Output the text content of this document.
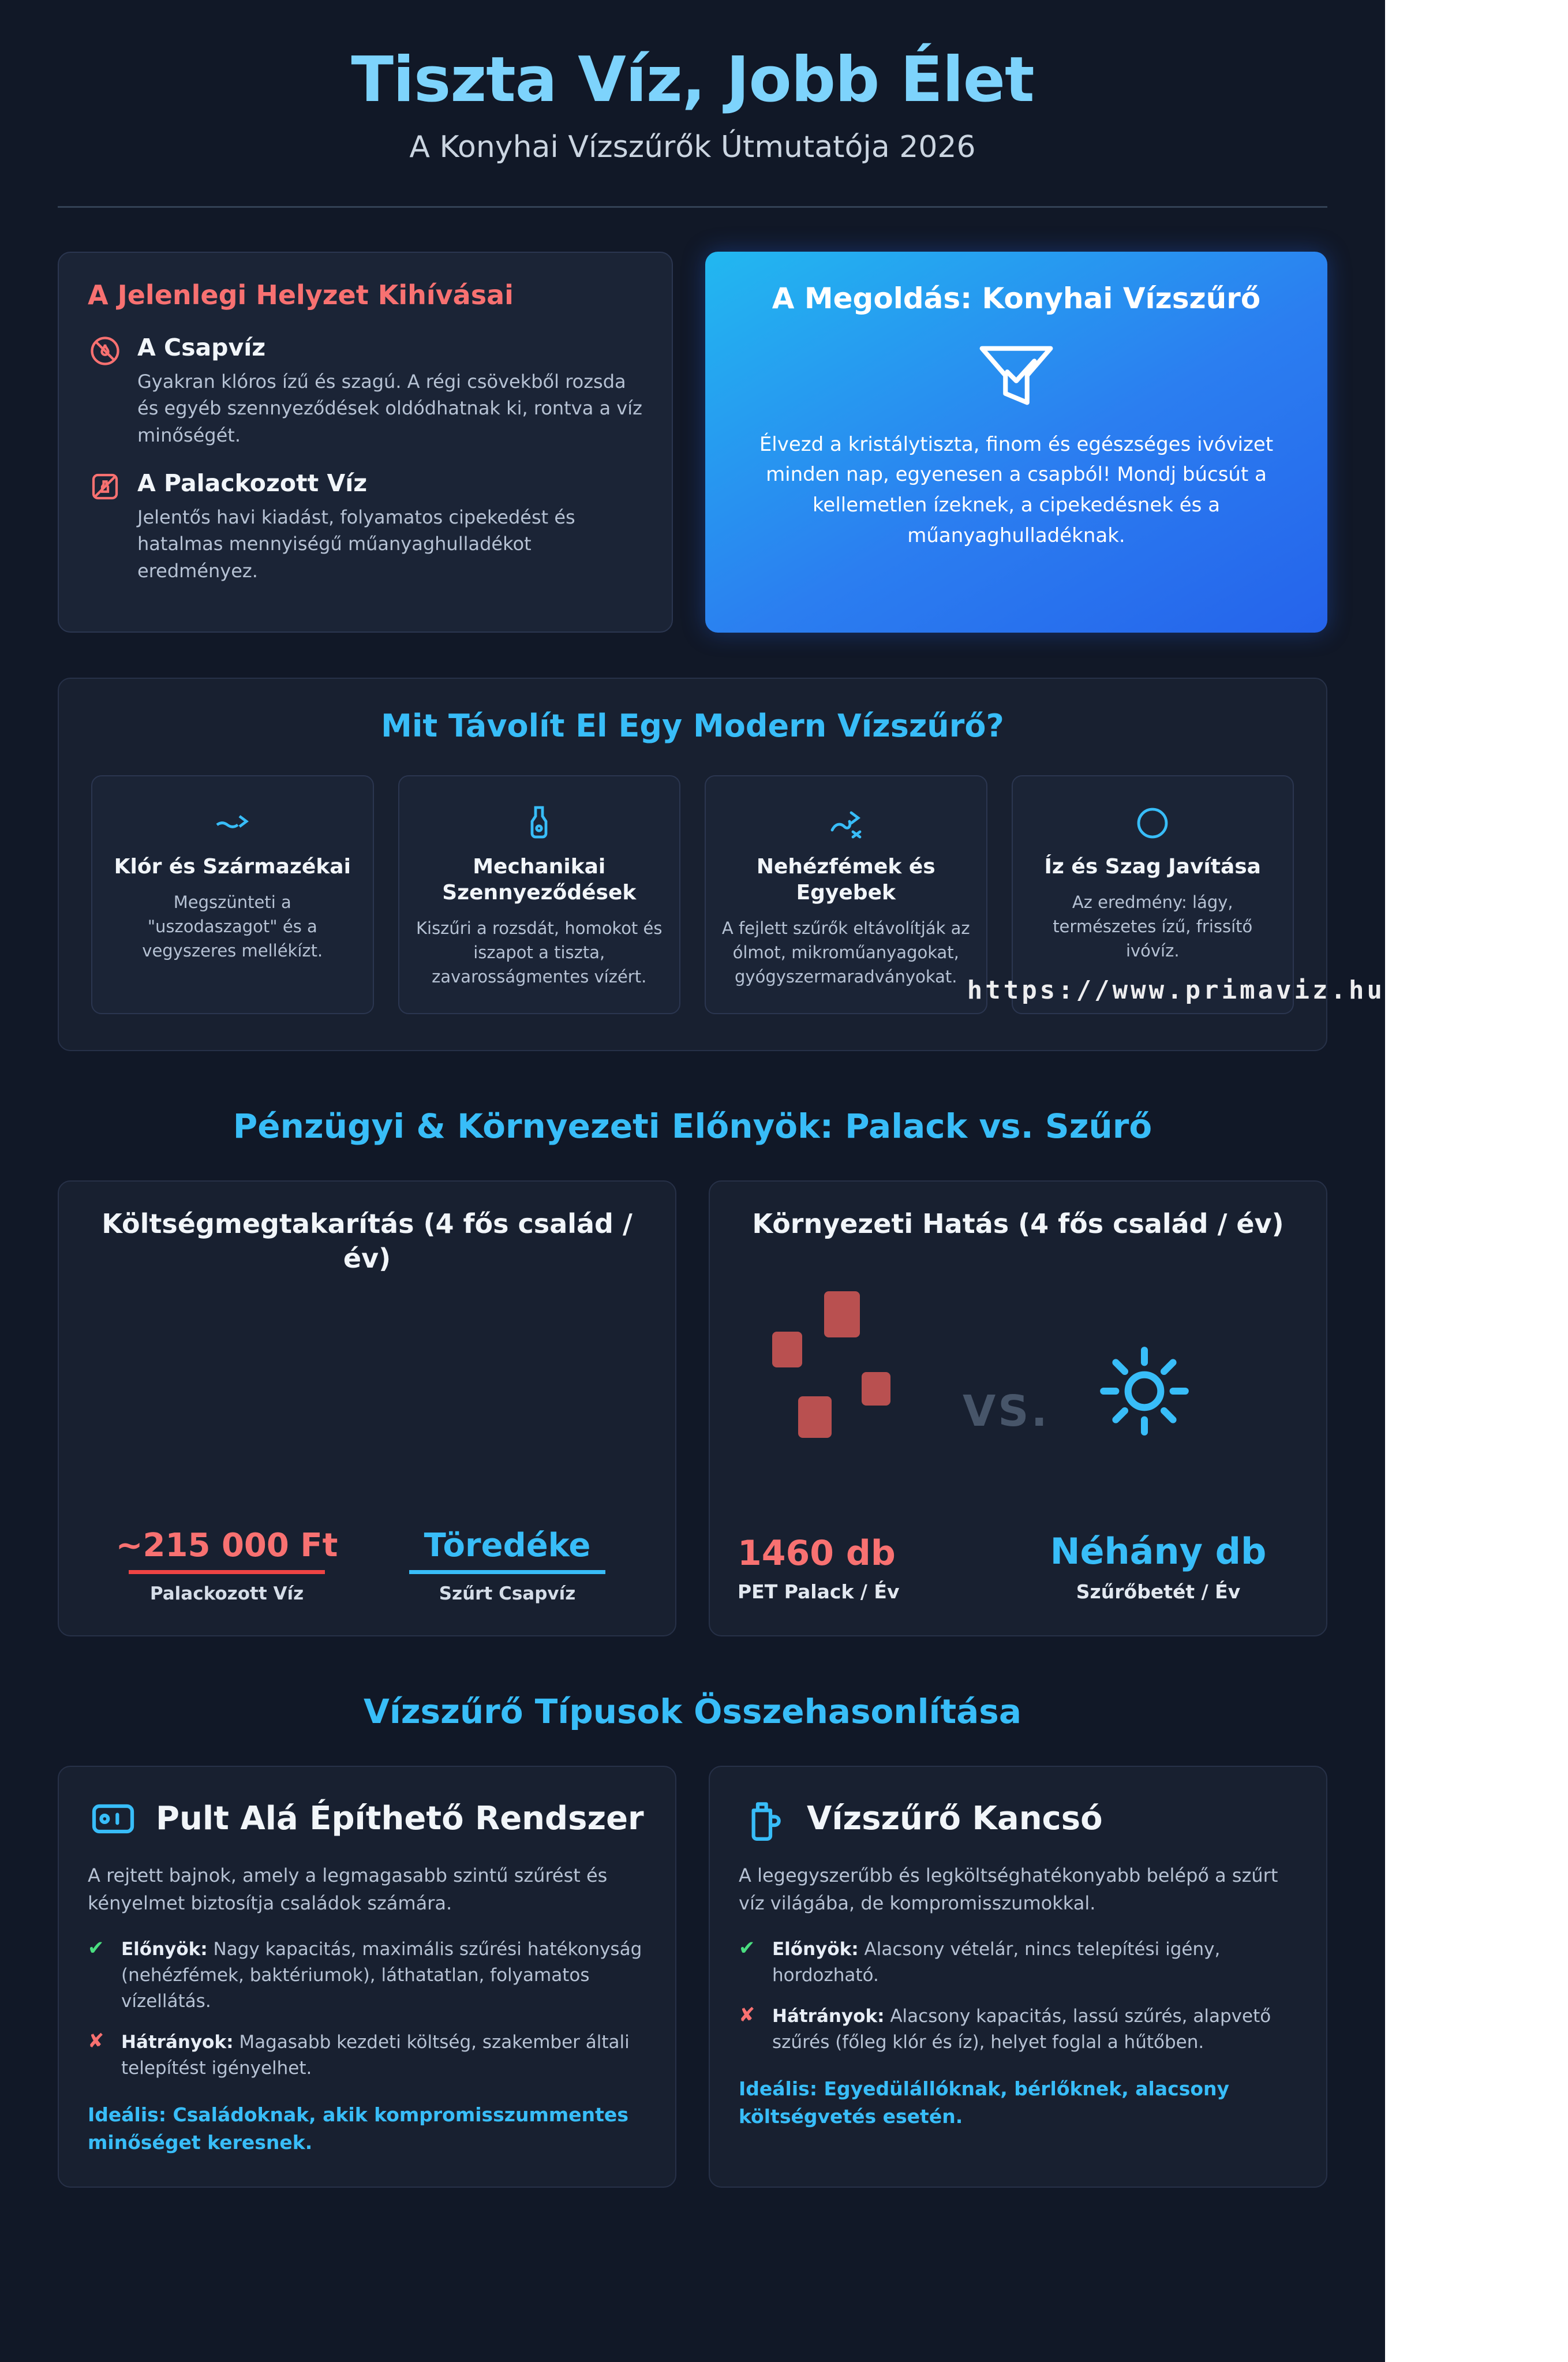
Tiszta Víz, Jobb Élet
A Konyhai Vízszűrők Útmutatója 2026
A Jelenlegi Helyzet Kihívásai
A Csapvíz
Gyakran klóros ízű és szagú. A régi csövekből rozsda és egyéb szennyeződések oldódhatnak ki, rontva a víz minőségét.
A Palackozott Víz
Jelentős havi kiadást, folyamatos cipekedést és hatalmas mennyiségű műanyaghulladékot eredményez.
A Megoldás: Konyhai Vízszűrő

Élvezd a kristálytiszta, finom és egészséges ivóvizet minden nap, egyenesen a csapból! Mondj búcsút a kellemetlen ízeknek, a cipekedésnek és a műanyaghulladéknak.

Mit Távolít El Egy Modern Vízszűrő?
Klór és Származékai

Megszünteti a "uszodaszagot" és a vegyszeres mellékízt.

Mechanikai Szennyeződések

Kiszűri a rozsdát, homokot és iszapot a tiszta, zavarosságmentes vízért.

Nehézfémek és Egyebek

A fejlett szűrők eltávolítják az ólmot, mikroműanyagokat, gyógyszermaradványokat.

Íz és Szag Javítása

Az eredmény: lágy, természetes ízű, frissítő ivóvíz.

Pénzügyi & Környezeti Előnyök: Palack vs. Szűrő
Költségmegtakarítás (4 fős család / év)
~215 000 Ft
Palackozott Víz
Töredéke
Szűrt Csapvíz
Környezeti Hatás (4 fős család / év)
VS.
1460 db
PET Palack / Év
Néhány db
Szűrőbetét / Év
Vízszűrő Típusok Összehasonlítása
Pult Alá Építhető Rendszer
A rejtett bajnok, amely a legmagasabb szintű szűrést és kényelmet biztosítja családok számára.
✔ Előnyök: Nagy kapacitás, maximális szűrési hatékonyság (nehézfémek, baktériumok), láthatatlan, folyamatos vízellátás.

✘ Hátrányok: Magasabb kezdeti költség, szakember általi telepítést igényelhet.

Ideális: Családoknak, akik kompromisszummentes minőséget keresnek.
Vízszűrő Kancsó
A legegyszerűbb és legköltséghatékonyabb belépő a szűrt víz világába, de kompromisszumokkal.
✔ Előnyök: Alacsony vételár, nincs telepítési igény, hordozható.

✘ Hátrányok: Alacsony kapacitás, lassú szűrés, alapvető szűrés (főleg klór és íz), helyet foglal a hűtőben.

Ideális: Egyedülállóknak, bérlőknek, alacsony költségvetés esetén.
https://www.primaviz.hu
